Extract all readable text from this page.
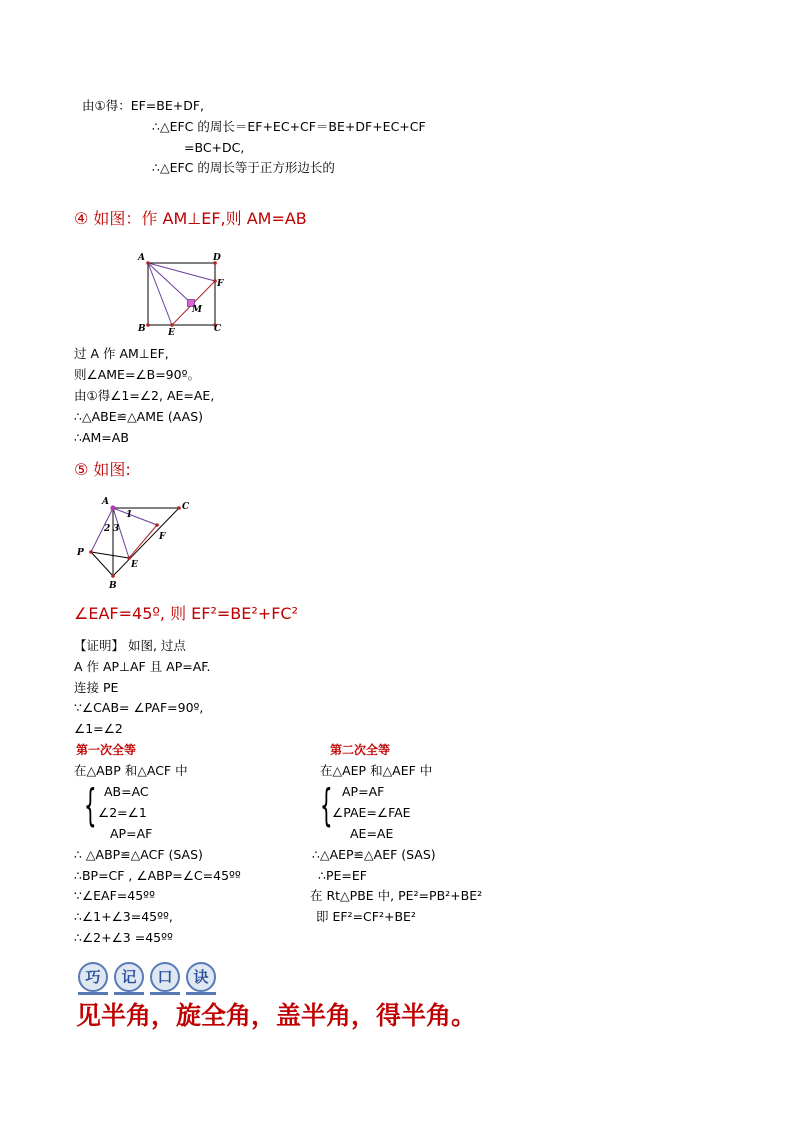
由①得：EF=BE+DF,
∴△EFC 的周长＝EF+EC+CF＝BE+DF+EC+CF
=BC+DC,
∴△EFC 的周长等于正方形边长的
④ 如图：作 AM⊥EF,则 AM=AB
A	D
F
M
B E	C
过 A 作 AM⊥EF,
则∠AME=∠B=90º。
由①得∠1=∠2, AE=AE,
∴△ABE≌△AME (AAS)
∴AM=AB
⑤ 如图:
A	C
F
E
B
P
1
2 3
∠EAF=45º, 则 EF²=BE²+FC²
【证明】 如图, 过点
A 作 AP⊥AF 且 AP=AF.
连接 PE
∵∠CAB= ∠PAF=90º,
∠1=∠2
第一次全等
在△ABP 和△ACF 中
{ AB=AC
∠2=∠1
AP=AF
∴ △ABP≌△ACF (SAS)
∴BP=CF , ∠ABP=∠C=45ºº
∵∠EAF=45ºº
∴∠1+∠3=45ºº,
∴∠2+∠3 =45ºº
第二次全等
在△AEP 和△AEF 中
{ AP=AF
∠PAE=∠FAE
AE=AE
∴△AEP≌△AEF (SAS)
∴PE=EF
在 Rt△PBE 中, PE²=PB²+BE²
即 EF²=CF²+BE²
巧	记	口	诀
见半角，旋全角，盖半角，得半角。
